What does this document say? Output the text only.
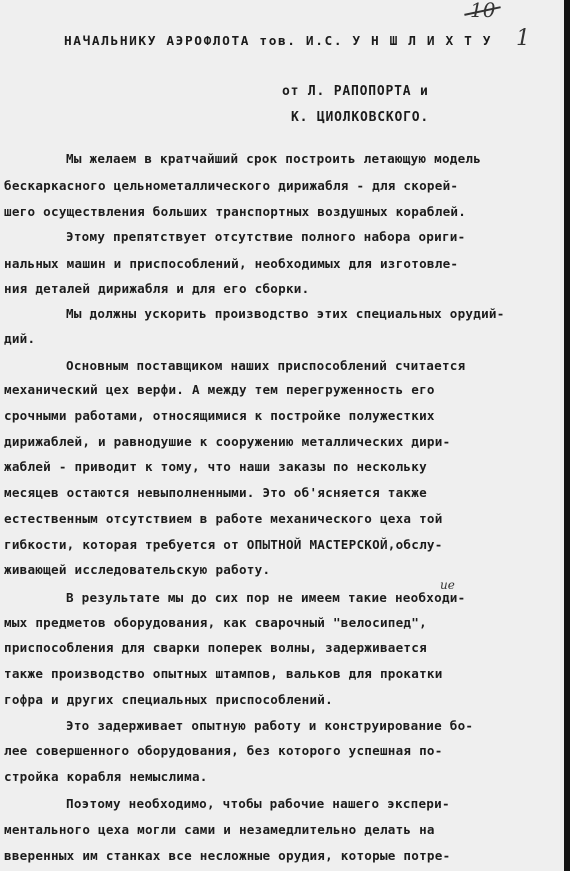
10
1
ие
НАЧАЛЬНИКУ АЭРОФЛОТА тов. И.С. У Н Ш Л И Х Т У
от Л. РАПОПОРТА и
К. ЦИОЛКОВСКОГО.
Мы желаем в кратчайший срок построить летающую модель
бескаркасного цельнометаллического дирижабля - для скорей-
шего осуществления больших транспортных воздушных кораблей.
Этому препятствует отсутствие полного набора ориги-
нальных машин и приспособлений, необходимых для изготовле-
ния деталей дирижабля и для его сборки.
Мы должны ускорить производство этих специальных орудий-
дий.
Основным поставщиком наших приспособлений считается
механический цех верфи. А между тем перегруженность его
срочными работами, относящимися к постройке полужестких
дирижаблей, и равнодушие к сооружению металлических дири-
жаблей - приводит к тому, что наши заказы по нескольку
месяцев остаются невыполненными. Это об'ясняется также
естественным отсутствием в работе механического цеха той
гибкости, которая требуется от ОПЫТНОЙ МАСТЕРСКОЙ,обслу-
живающей исследовательскую работу.
В результате мы до сих пор не имеем такие необходи-
мых предметов оборудования, как сварочный "велосипед",
приспособления для сварки поперек волны, задерживается
также производство опытных штампов, вальков для прокатки
гофра и других специальных приспособлений.
Это задерживает опытную работу и конструирование бо-
лее совершенного оборудования, без которого успешная по-
стройка корабля немыслима.
Поэтому необходимо, чтобы рабочие нашего экспери-
ментального цеха могли сами и незамедлительно делать на
вверенных им станках все несложные орудия, которые потре-
